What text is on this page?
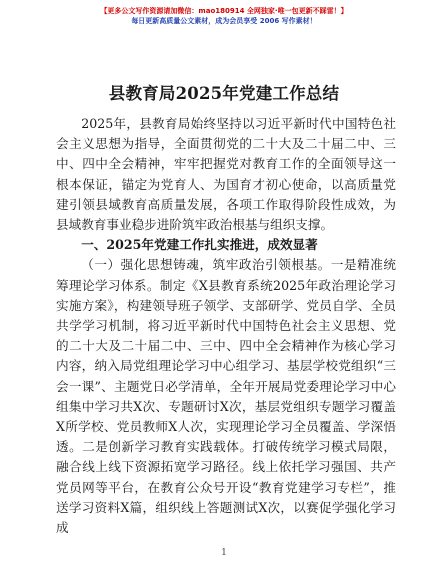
【更多公文写作资源请加微信：mao180914 全网独家·唯一包更新不踩雷！】
每日更新高质量公文素材，成为会员享受 2006 写作素材！
县教育局2025年党建工作总结

2025年，县教育局始终坚持以习近平新时代中国特色社会主义思想为指导，全面贯彻党的二十大及二十届二中、三中、四中全会精神，牢牢把握党对教育工作的全面领导这一根本保证，锚定为党育人、为国育才初心使命，以高质量党建引领县域教育高质量发展，各项工作取得阶段性成效，为县域教育事业稳步进阶筑牢政治根基与组织支撑。

一、2025年党建工作扎实推进，成效显著

（一）强化思想铸魂，筑牢政治引领根基。一是精准统筹理论学习体系。制定《X县教育系统2025年政治理论学习实施方案》，构建领导班子领学、支部研学、党员自学、全员共学学习机制，将习近平新时代中国特色社会主义思想、党的二十大及二十届二中、三中、四中全会精神作为核心学习内容，纳入局党组理论学习中心组学习、基层学校党组织“三会一课”、主题党日必学清单，全年开展局党委理论学习中心组集中学习共X次、专题研讨X次，基层党组织专题学习覆盖X所学校、党员教师X人次，实现理论学习全员覆盖、学深悟透。二是创新学习教育实践载体。打破传统学习模式局限，融合线上线下资源拓宽学习路径。线上依托学习强国、共产党员网等平台，在教育公众号开设“教育党建学习专栏”，推送学习资料X篇，组织线上答题测试X次，以赛促学强化学习成

1
